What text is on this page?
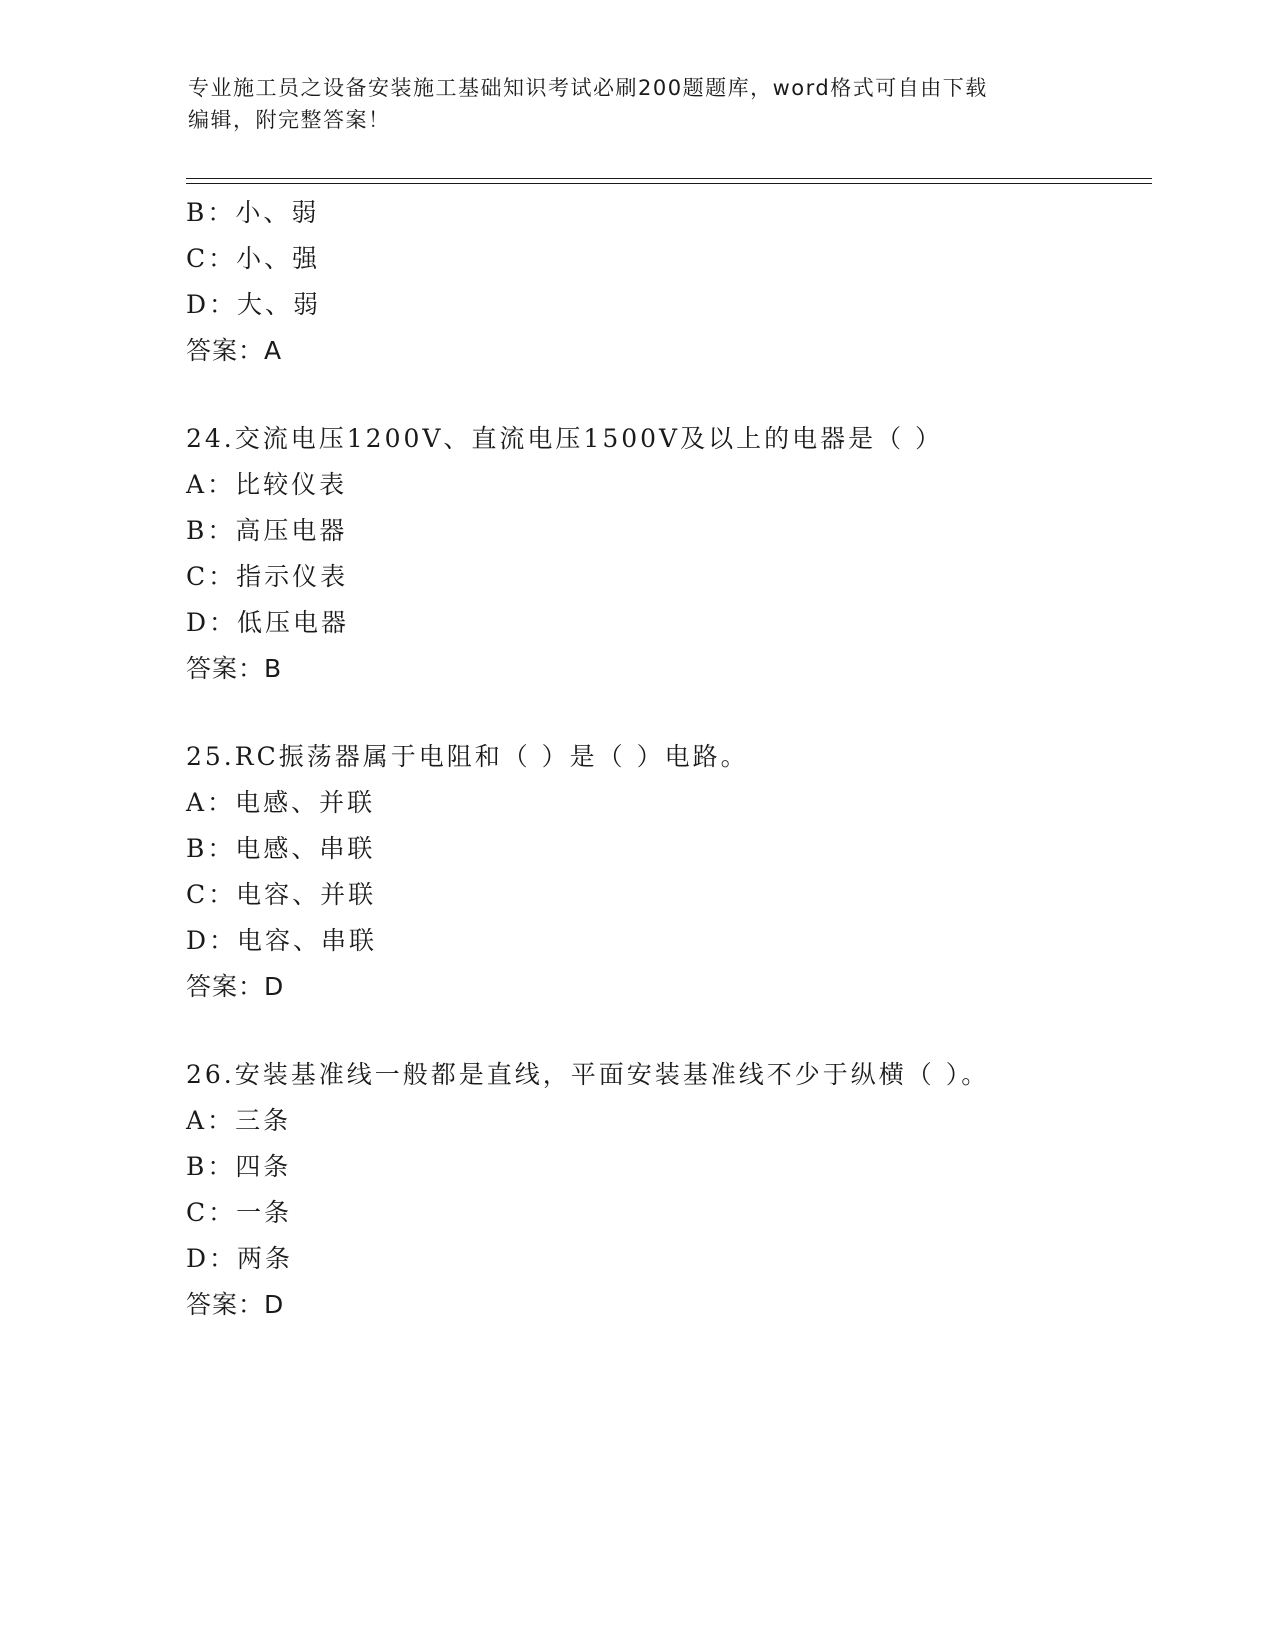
专业施工员之设备安装施工基础知识考试必刷200题题库，word格式可自由下载
编辑，附完整答案！
B：小、弱
C：小、强
D：大、弱
答案：A
24.交流电压1200V、直流电压1500V及以上的电器是（ ）
A：比较仪表
B：高压电器
C：指示仪表
D：低压电器
答案：B
25.RC振荡器属于电阻和（ ）是（ ）电路。
A：电感、并联
B：电感、串联
C：电容、并联
D：电容、串联
答案：D
26.安装基准线一般都是直线，平面安装基准线不少于纵横（ ）。
A：三条
B：四条
C：一条
D：两条
答案：D
